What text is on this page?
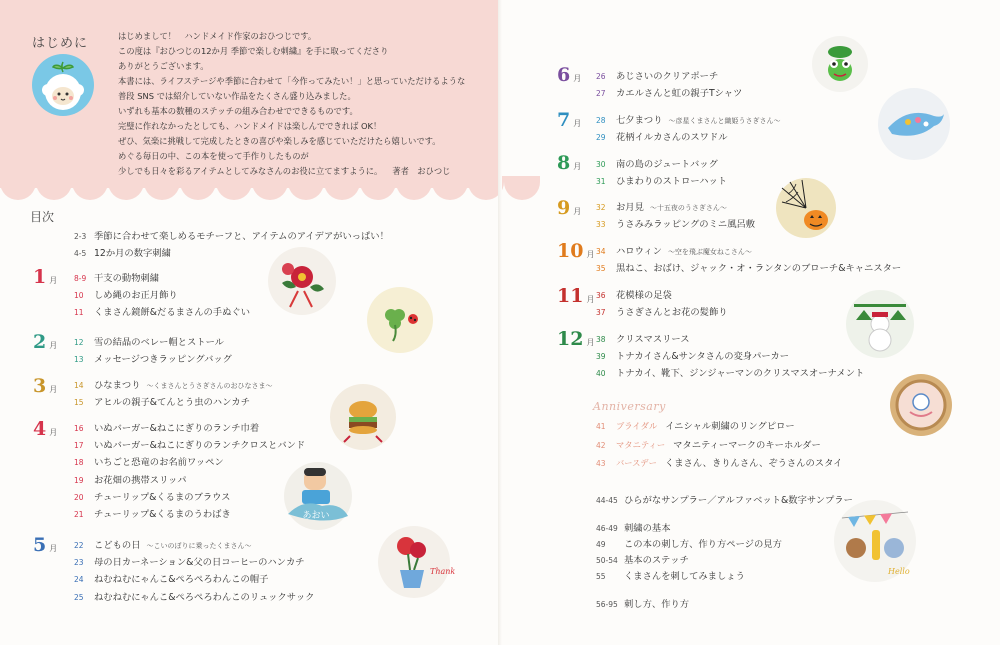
はじめに	はじめまして！　ハンドメイド作家のおひつじです。
この度は『おひつじの12か月 季節で楽しむ刺繍』を手に取ってくださり
ありがとうございます。
本書には、ライフステージや季節に合わせて「今作ってみたい！」と思っていただけるような
普段 SNS では紹介していない作品をたくさん盛り込みました。
いずれも基本の数種のステッチの組み合わせでできるものです。
完璧に作れなかったとしても、ハンドメイドは楽しんでできれば OK！
ぜひ、気楽に挑戦して完成したときの喜びや楽しみを感じていただけたら嬉しいです。
めぐる毎日の中、この本を使って手作りしたものが
少しでも日々を彩るアイテムとしてみなさんのお役に立てますように。 著者　おひつじ
目次
2-3 季節に合わせて楽しめるモチーフと、アイテムのアイデアがいっぱい！
4-5 12か月の数字刺繍
1 月 8-9 干支の動物刺繍
10	しめ縄のお正月飾り
11	くまさん鏡餅&だるまさんの手ぬぐい
2 月 12	雪の結晶のベレー帽とストール
13	メッセージつきラッピングバッグ
3 月 14	ひなまつり 〜くまさんとうさぎさんのおひなさま〜
15	アヒルの親子&てんとう虫のハンカチ
4 月 16	いぬバーガー&ねこにぎりのランチ巾着
17	いぬバーガー&ねこにぎりのランチクロスとバンド
18	いちごと恐竜のお名前ワッペン
19	お花畑の携帯スリッパ
20	チューリップ&くるまのブラウス
21	チューリップ&くるまのうわばき
5 月 22	こどもの日 〜こいのぼりに乗ったくまさん〜
23	母の日カーネーション&父の日コーヒーのハンカチ
24	ねむねむにゃんこ&ぺろぺろわんこの帽子
25	ねむねむにゃんこ&ぺろぺろわんこのリュックサック
6 月 26	あじさいのクリアポーチ
27	カエルさんと虹の親子Tシャツ
7 月 28	七夕まつり 〜彦星くまさんと織姫うさぎさん〜
29	花柄イルカさんのスワドル
8 月 30	南の島のジュートバッグ
31	ひまわりのストローハット
9 月 32	お月見 〜十五夜のうさぎさん〜
33	うさみみラッピングのミニ風呂敷
10 月 34	ハロウィン 〜空を飛ぶ魔女ねこさん〜
35	黒ねこ、おばけ、ジャック・オ・ランタンのブローチ&キャニスター
11 月 36	花模様の足袋
37	うさぎさんとお花の髪飾り
12 月 38	クリスマスリース
39	トナカイさん&サンタさんの変身パーカー
40	トナカイ、靴下、ジンジャーマンのクリスマスオーナメント
41	ブライダル イニシャル刺繍のリングピロー
42	マタニティー マタニティーマークのキーホルダー
43	バースデー くまさん、きりんさん、ぞうさんのスタイ
44-45 ひらがなサンプラー／アルファベット&数字サンプラー
46-49 刺繍の基本
49	この本の刺し方、作り方ページの見方
50-54 基本のステッチ
55	くまさんを刺してみましょう
56-95 刺し方、作り方
Anniversary
あおい
Thank	Hello
